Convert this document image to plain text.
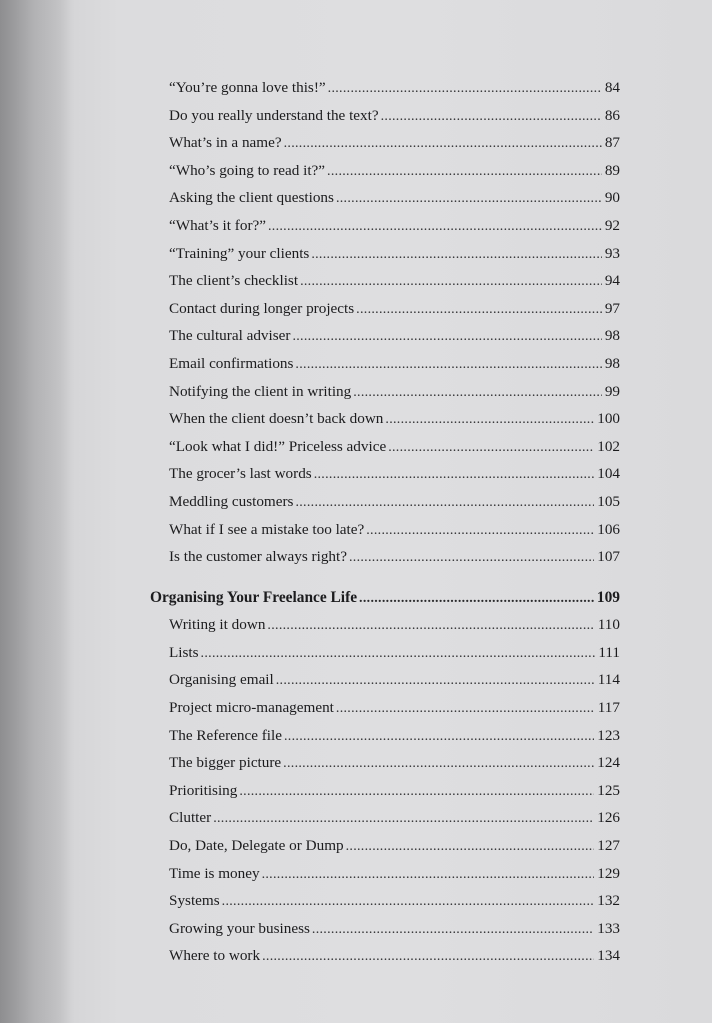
“You’re gonna love this!” . . .	84
Do you really understand the text? . . .	86
What’s in a name? . . .	87
“Who’s going to read it?” . . .	89
Asking the client questions . . .	90
“What’s it for?” . . .	92
“Training” your clients . . .	93
The client’s checklist . . .	94
Contact during longer projects . . .	97
The cultural adviser . . .	98
Email confirmations . . .	98
Notifying the client in writing . . .	99
When the client doesn’t back down . . .	100
“Look what I did!” Priceless advice . . .	102
The grocer’s last words . . .	104
Meddling customers . . .	105
What if I see a mistake too late? . . .	106
Is the customer always right? . . .	107
Organising Your Freelance Life . . .	109
Writing it down . . .	110
Lists . . .	111
Organising email . . .	114
Project micro-management . . .	117
The Reference file . . .	123
The bigger picture . . .	124
Prioritising . . .	125
Clutter . . .	126
Do, Date, Delegate or Dump . . .	127
Time is money . . .	129
Systems . . .	132
Growing your business . . .	133
Where to work . . .	134
